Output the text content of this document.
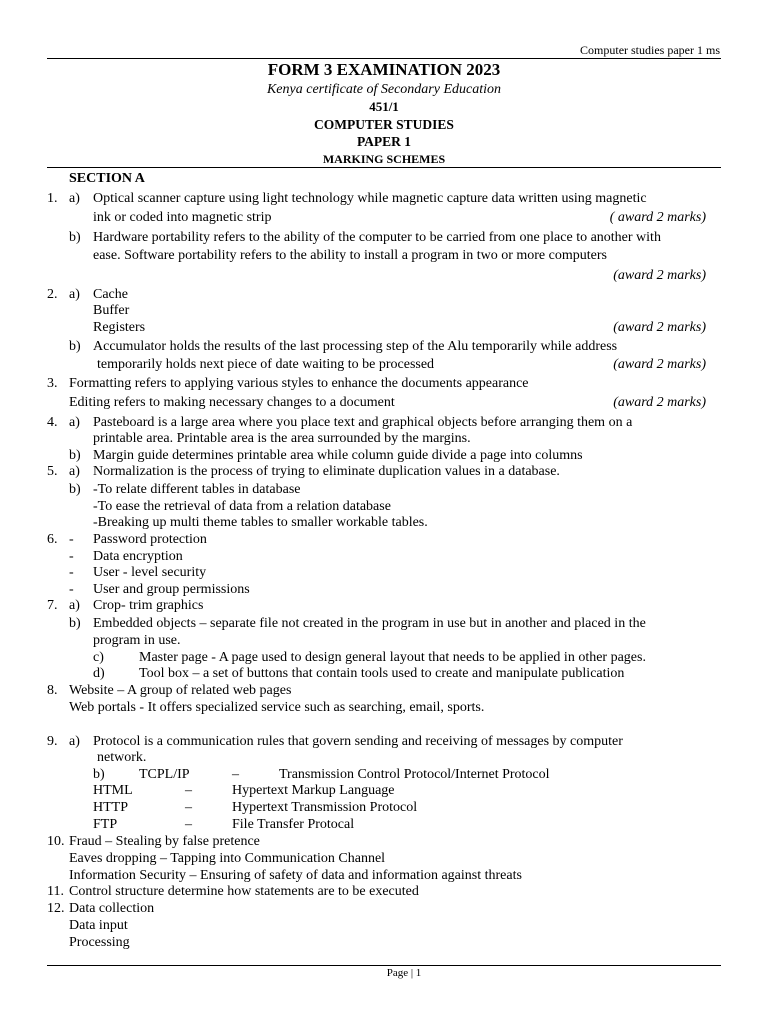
Computer studies paper 1 ms
FORM 3 EXAMINATION 2023
Kenya certificate of Secondary Education
451/1
COMPUTER STUDIES
PAPER 1
MARKING SCHEMES
SECTION A
1. a) Optical scanner capture using light technology while magnetic capture data written using magnetic
ink or coded into magnetic strip
b) Hardware portability refers to the ability of the computer to be carried from one place to another with
ease. Software portability refers to the ability to install a program in two or more computers
2. a) Cache
Buffer
Registers
b) Accumulator holds the results of the last processing step of the Alu temporarily while address
temporarily holds next piece of date waiting to be processed
3. Formatting refers to applying various styles to enhance the documents appearance
Editing refers to making necessary changes to a document
4. a) Pasteboard is a large area where you place text and graphical objects before arranging them on a
printable area. Printable area is the area surrounded by the margins.
b) Margin guide determines printable area while column guide divide a page into columns
5. a) Normalization is the process of trying to eliminate duplication values in a database.
b) -To relate different tables in database
-To ease the retrieval of data from a relation database
-Breaking up multi theme tables to smaller workable tables.
6. - Password protection
- Data encryption
- User - level security
- User and group permissions
7. a) Crop- trim graphics
b) Embedded objects – separate file not created in the program in use but in another and placed in the
program in use.
c)	Master page - A page used to design general layout that needs to be applied in other pages.
d) Tool box – a set of buttons that contain tools used to create and manipulate publication
8. Website – A group of related web pages
Web portals - It offers specialized service such as searching, email, sports.
9. a) Protocol is a communication rules that govern sending and receiving of messages by computer
network.
b) TCPL/IP	–	Transmission Control Protocol/Internet Protocol
HTML	–	Hypertext Markup Language
HTTP	–	Hypertext Transmission Protocol
FTP	–	File Transfer Protocal
10. Fraud – Stealing by false pretence
Eaves dropping – Tapping into Communication Channel
Information Security – Ensuring of safety of data and information against threats
11. Control structure determine how statements are to be executed
12. Data collection
Data input
Processing
( award 2 marks)
(award 2 marks)
(award 2 marks)
(award 2 marks)
(award 2 marks)
Page | 1
